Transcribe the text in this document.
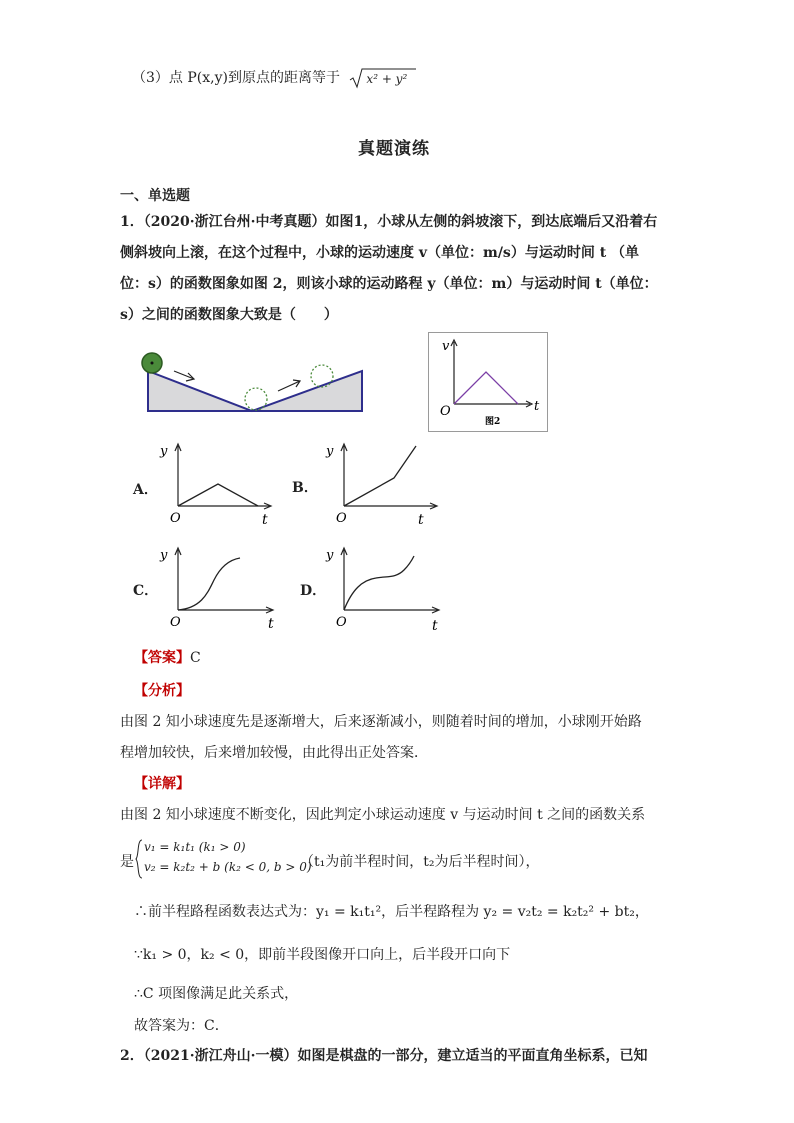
（3）点 P(x,y)到原点的距离等于 x² + y²
真题演练
一、单选题
1．（2020·浙江台州·中考真题）如图1，小球从左侧的斜坡滚下，到达底端后又沿着右
侧斜坡向上滚，在这个过程中，小球的运动速度 v（单位：m/s）与运动时间 t （单
位：s）的函数图象如图 2，则该小球的运动路程 y（单位：m）与运动时间 t（单位：
s）之间的函数图象大致是（　　）
v
t
O
图2
A．
y
t
O
B．
y
t
O
C．
y
t
O
D．
y
t
O
【答案】C
【分析】
由图 2 知小球速度先是逐渐增大，后来逐渐减小，则随着时间的增加，小球刚开始路
程增加较快，后来增加较慢，由此得出正处答案．
【详解】
由图 2 知小球速度不断变化，因此判定小球运动速度 v 与运动时间 t 之间的函数关系
是
v₁ = k₁t₁ (k₁ > 0)
v₂ = k₂t₂ + b (k₂ < 0, b > 0)
（t₁为前半程时间，t₂为后半程时间），
∴前半程路程函数表达式为：y₁ = k₁t₁²，后半程路程为 y₂ = v₂t₂ = k₂t₂² + bt₂，
∵k₁ > 0，k₂ < 0，即前半段图像开口向上，后半段开口向下
∴C 项图像满足此关系式，
故答案为：C．
2．（2021·浙江舟山·一模）如图是棋盘的一部分，建立适当的平面直角坐标系，已知
